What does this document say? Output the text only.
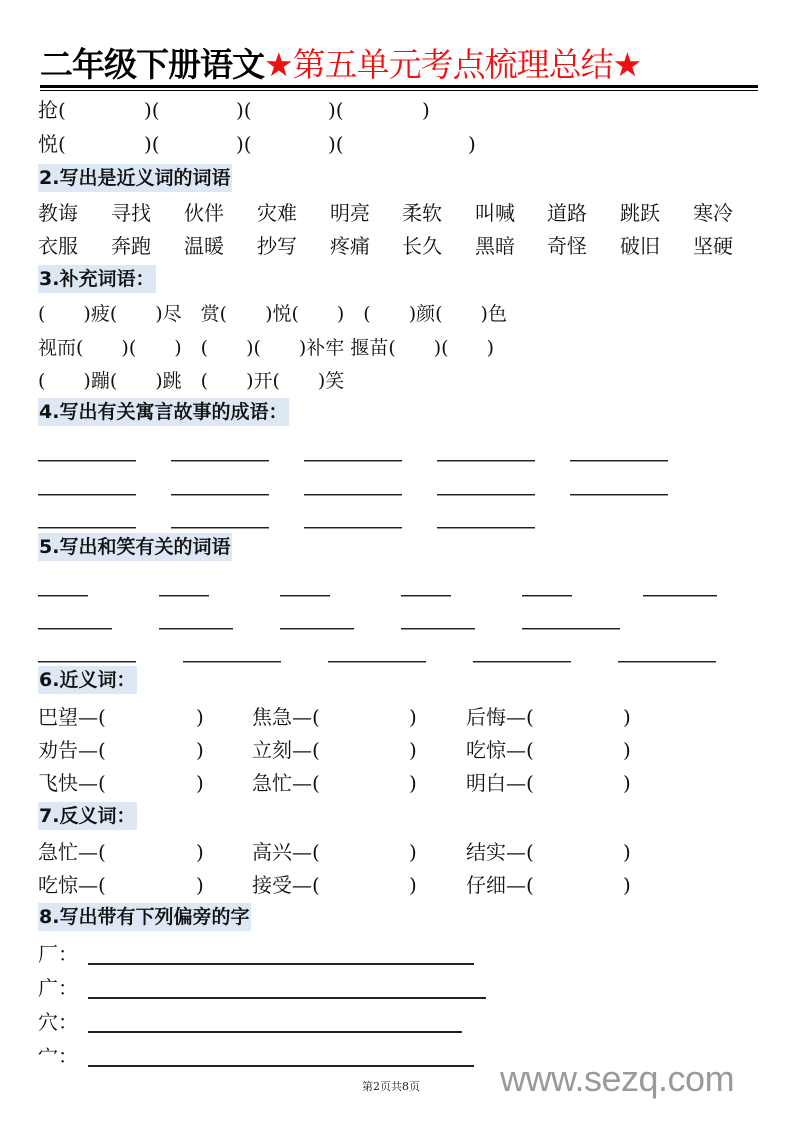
二年级下册语文★第五单元考点梳理总结★
抢 (	)(	)(	)(	)
悦 (	)(	)(	)(	)
2.写出是近义词的词语
教诲 寻找 伙伴 灾难 明亮 柔软 叫喊 道路 跳跃 寒冷
衣服 奔跑 温暖 抄写 疼痛 长久 黑暗 奇怪 破旧 坚硬
3.补充词语：
(　　)疲(　　)尽　赏(　　)悦(　　)　(　　)颜(　　)色
视而(　　)(　　)　(　　)(　　)补牢 揠苗(　　)(　　)
(　　)蹦(　　)跳　(　　)开(　　)笑
4.写出有关寓言故事的成语：
5.写出和笑有关的词语
6.近义词：
巴望—(	) 焦急—(	) 后悔—(	)
劝告—(	) 立刻—(	) 吃惊—(	)
飞快—(	) 急忙—(	) 明白—(	)
7.反义词：
急忙—(	) 高兴—(	) 结实—(	)
吃惊—(	) 接受—(	) 仔细—(	)
8.写出带有下列偏旁的字
厂：
广：
穴：
宀：
第2页共8页 www.sezq.com
